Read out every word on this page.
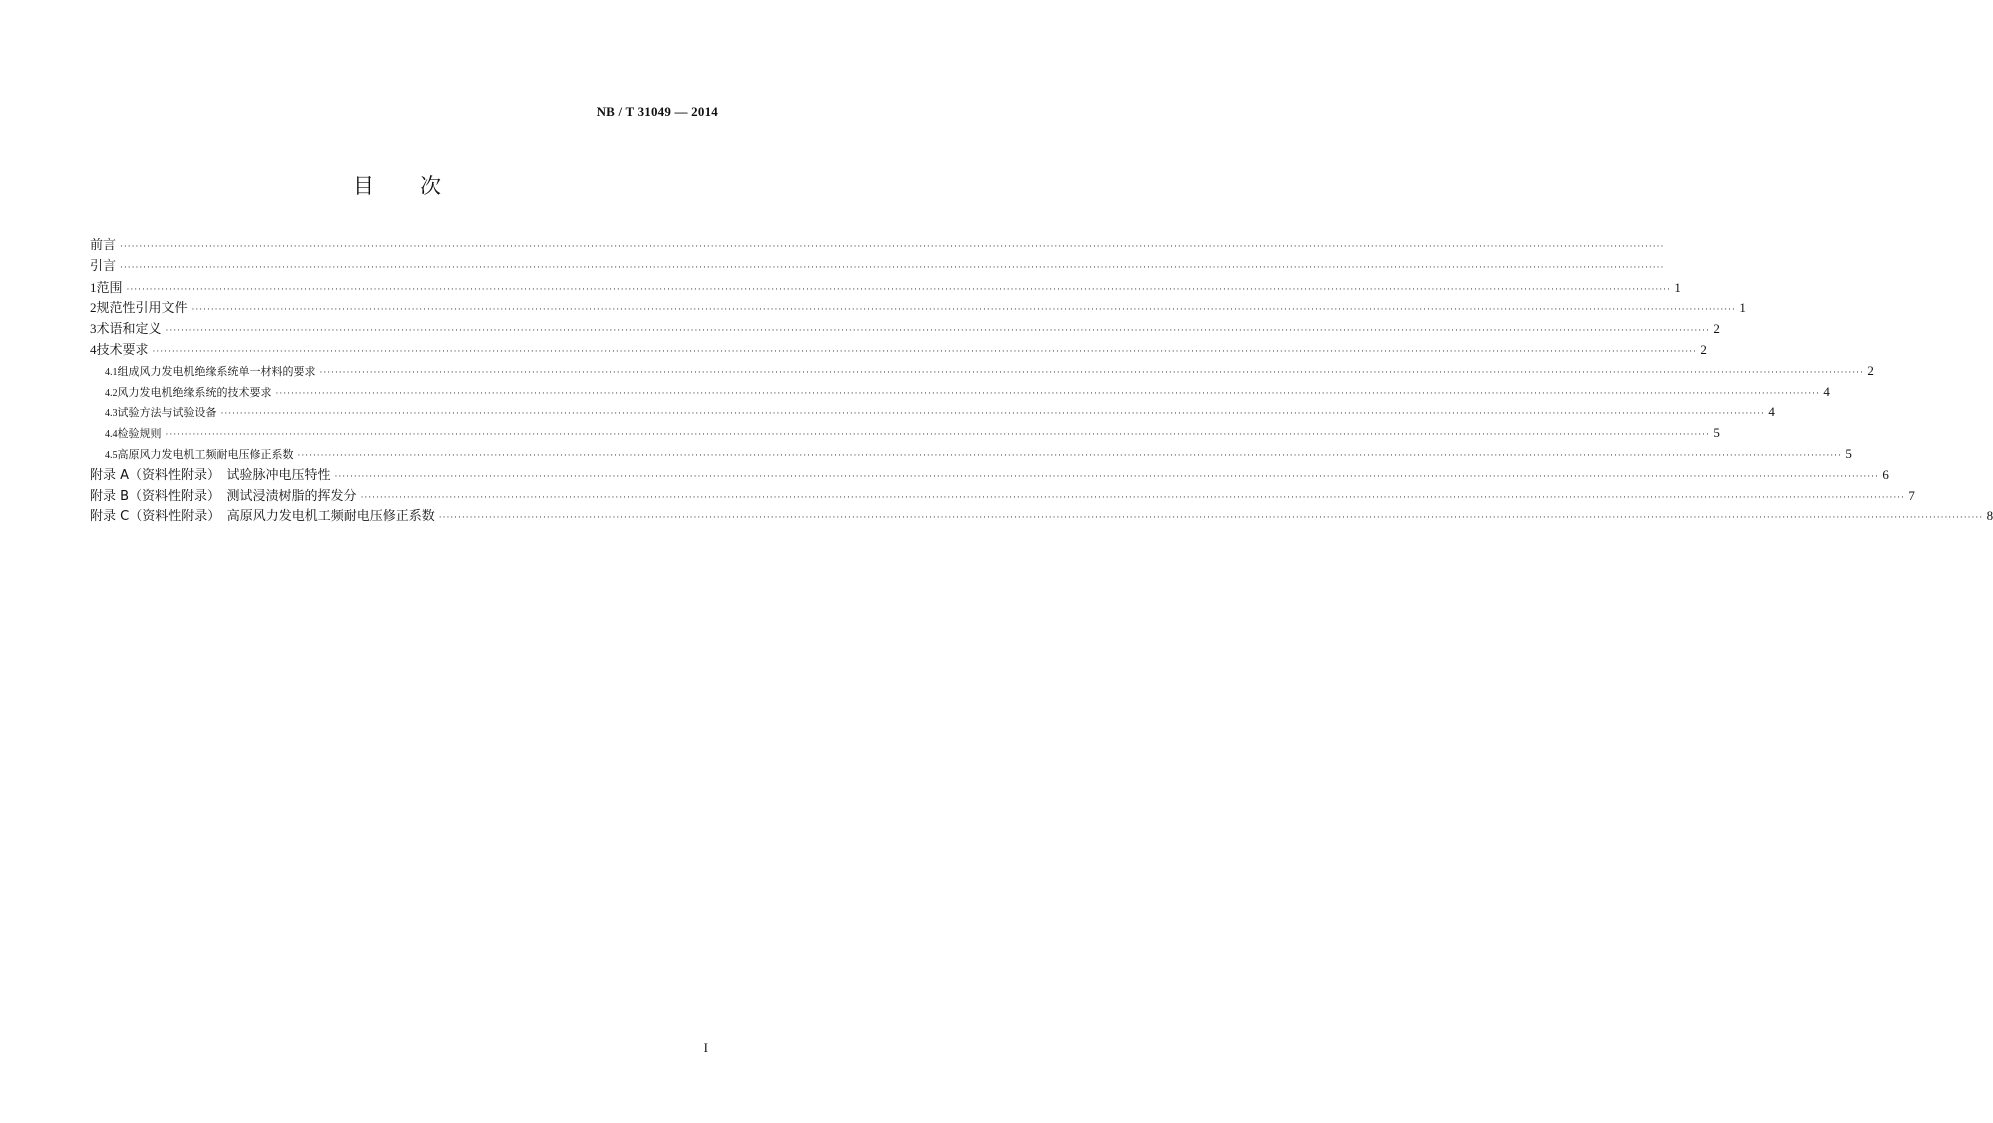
NB / T 31049 — 2014
目 次
前言 ················································································································································································································································································································································································································
引言 ················································································································································································································································································································································································································
1 范围 ················································································································································································································································································································································································································ 1
2 规范性引用文件 ················································································································································································································································································································································································································ 1
3 术语和定义 ················································································································································································································································································································································································································ 2
4 技术要求 ················································································································································································································································································································································································································ 2
4.1 组成风力发电机绝缘系统单一材料的要求 ················································································································································································································································································································································································································ 2
4.2 风力发电机绝缘系统的技术要求 ················································································································································································································································································································································································································ 4
4.3 试验方法与试验设备 ················································································································································································································································································································································································································ 4
4.4 检验规则 ················································································································································································································································································································································································································ 5
4.5 高原风力发电机工频耐电压修正系数 ················································································································································································································································································································································································································ 5
附录 A（资料性附录）　试验脉冲电压特性 ················································································································································································································································································································································································································ 6
附录 B（资料性附录）　测试浸渍树脂的挥发分 ················································································································································································································································································································································································································ 7
附录 C（资料性附录）　高原风力发电机工频耐电压修正系数 ················································································································································································································································································································································································································ 8
I
